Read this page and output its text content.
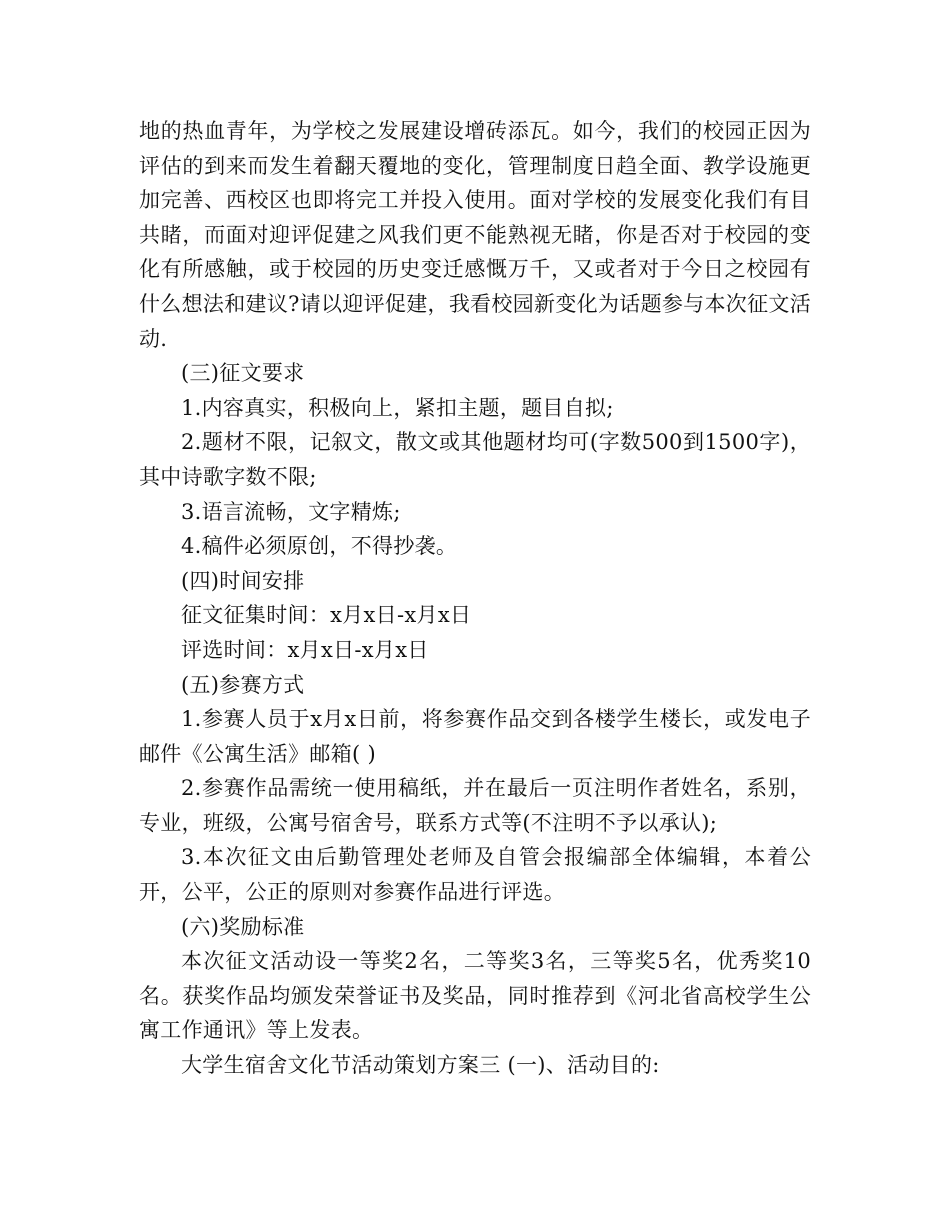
地的热血青年，为学校之发展建设增砖添瓦。如今，我们的校园正因为评估的到来而发生着翻天覆地的变化，管理制度日趋全面、教学设施更加完善、西校区也即将完工并投入使用。面对学校的发展变化我们有目共睹，而面对迎评促建之风我们更不能熟视无睹，你是否对于校园的变化有所感触，或于校园的历史变迁感慨万千，又或者对于今日之校园有什么想法和建议?请以迎评促建，我看校园新变化为话题参与本次征文活动.

(三)征文要求

1.内容真实，积极向上，紧扣主题，题目自拟;

2.题材不限，记叙文，散文或其他题材均可(字数500到1500字)，其中诗歌字数不限;

3.语言流畅，文字精炼;

4.稿件必须原创，不得抄袭。

(四)时间安排

征文征集时间：x月x日-x月x日

评选时间：x月x日-x月x日

(五)参赛方式

1.参赛人员于x月x日前，将参赛作品交到各楼学生楼长，或发电子邮件《公寓生活》邮箱( )

2.参赛作品需统一使用稿纸，并在最后一页注明作者姓名，系别，专业，班级，公寓号宿舍号，联系方式等(不注明不予以承认);

3.本次征文由后勤管理处老师及自管会报编部全体编辑，本着公开，公平，公正的原则对参赛作品进行评选。

(六)奖励标准

本次征文活动设一等奖2名，二等奖3名，三等奖5名，优秀奖10名。获奖作品均颁发荣誉证书及奖品，同时推荐到《河北省高校学生公寓工作通讯》等上发表。

大学生宿舍文化节活动策划方案三 (一)、活动目的:
